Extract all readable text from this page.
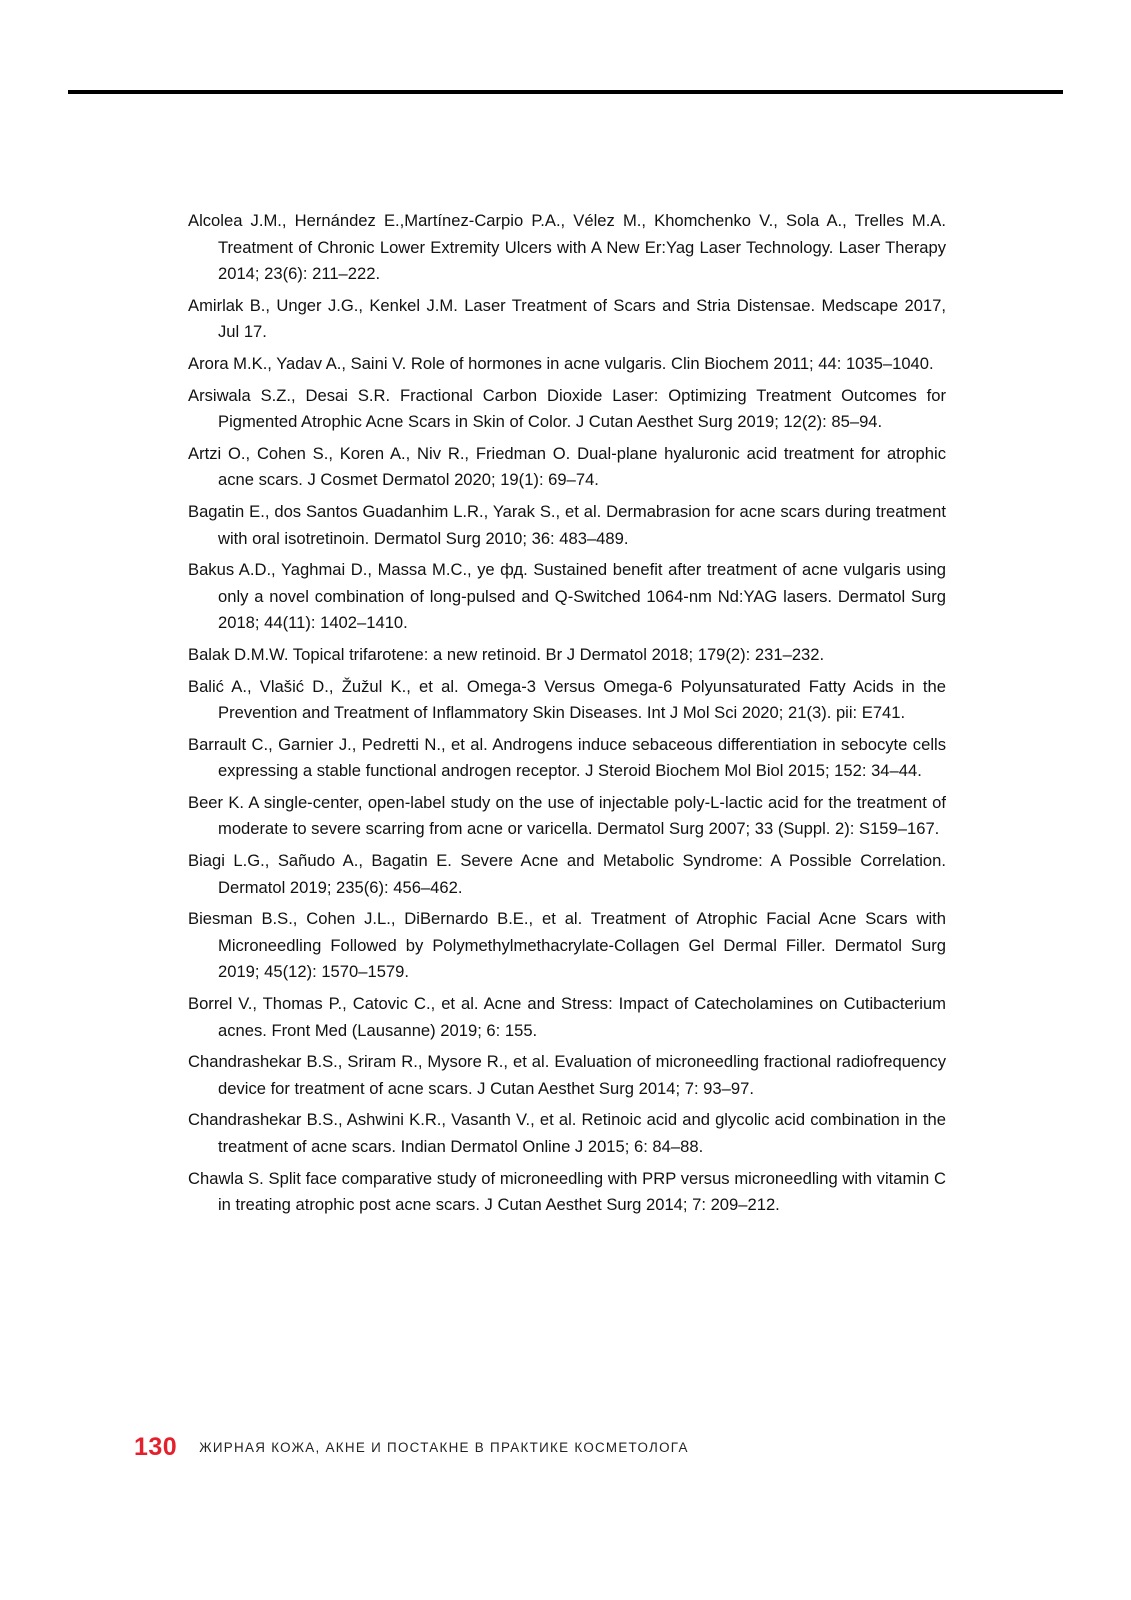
Alcolea J.M., Hernández E.,Martínez-Carpio P.A., Vélez M., Khomchenko V., Sola A., Trelles M.A. Treatment of Chronic Lower Extremity Ulcers with A New Er:Yag Laser Technology. Laser Therapy 2014; 23(6): 211–222.
Amirlak B., Unger J.G., Kenkel J.M. Laser Treatment of Scars and Stria Distensae. Medscape 2017, Jul 17.
Arora M.K., Yadav A., Saini V. Role of hormones in acne vulgaris. Clin Biochem 2011; 44: 1035–1040.
Arsiwala S.Z., Desai S.R. Fractional Carbon Dioxide Laser: Optimizing Treatment Outcomes for Pigmented Atrophic Acne Scars in Skin of Color. J Cutan Aesthet Surg 2019; 12(2): 85–94.
Artzi O., Cohen S., Koren A., Niv R., Friedman O. Dual-plane hyaluronic acid treatment for atrophic acne scars. J Cosmet Dermatol 2020; 19(1): 69–74.
Bagatin E., dos Santos Guadanhim L.R., Yarak S., et al. Dermabrasion for acne scars during treatment with oral isotretinoin. Dermatol Surg 2010; 36: 483–489.
Bakus A.D., Yaghmai D., Massa M.C., уе фд. Sustained benefit after treatment of acne vulgaris using only a novel combination of long-pulsed and Q-Switched 1064-nm Nd:YAG lasers. Dermatol Surg 2018; 44(11): 1402–1410.
Balak D.M.W. Topical trifarotene: a new retinoid. Br J Dermatol 2018; 179(2): 231–232.
Balić A., Vlašić D., Žužul K., et al. Omega-3 Versus Omega-6 Polyunsaturated Fatty Acids in the Prevention and Treatment of Inflammatory Skin Diseases. Int J Mol Sci 2020; 21(3). pii: E741.
Barrault C., Garnier J., Pedretti N., et al. Androgens induce sebaceous differentiation in sebocyte cells expressing a stable functional androgen receptor. J Steroid Biochem Mol Biol 2015; 152: 34–44.
Beer K. A single-center, open-label study on the use of injectable poly-L-lactic acid for the treatment of moderate to severe scarring from acne or varicella. Dermatol Surg 2007; 33 (Suppl. 2): S159–167.
Biagi L.G., Sañudo A., Bagatin E. Severe Acne and Metabolic Syndrome: A Possible Correlation. Dermatol 2019; 235(6): 456–462.
Biesman B.S., Cohen J.L., DiBernardo B.E., et al. Treatment of Atrophic Facial Acne Scars with Microneedling Followed by Polymethylmethacrylate-Collagen Gel Dermal Filler. Dermatol Surg 2019; 45(12): 1570–1579.
Borrel V., Thomas P., Catovic C., et al. Acne and Stress: Impact of Catecholamines on Cutibacterium acnes. Front Med (Lausanne) 2019; 6: 155.
Chandrashekar B.S., Sriram R., Mysore R., et al. Evaluation of microneedling fractional radiofrequency device for treatment of acne scars. J Cutan Aesthet Surg 2014; 7: 93–97.
Chandrashekar B.S., Ashwini K.R., Vasanth V., et al. Retinoic acid and glycolic acid combination in the treatment of acne scars. Indian Dermatol Online J 2015; 6: 84–88.
Chawla S. Split face comparative study of microneedling with PRP versus microneedling with vitamin C in treating atrophic post acne scars. J Cutan Aesthet Surg 2014; 7: 209–212.
130 ЖИРНАЯ КОЖА, АКНЕ И ПОСТАКНЕ В ПРАКТИКЕ КОСМЕТОЛОГА
